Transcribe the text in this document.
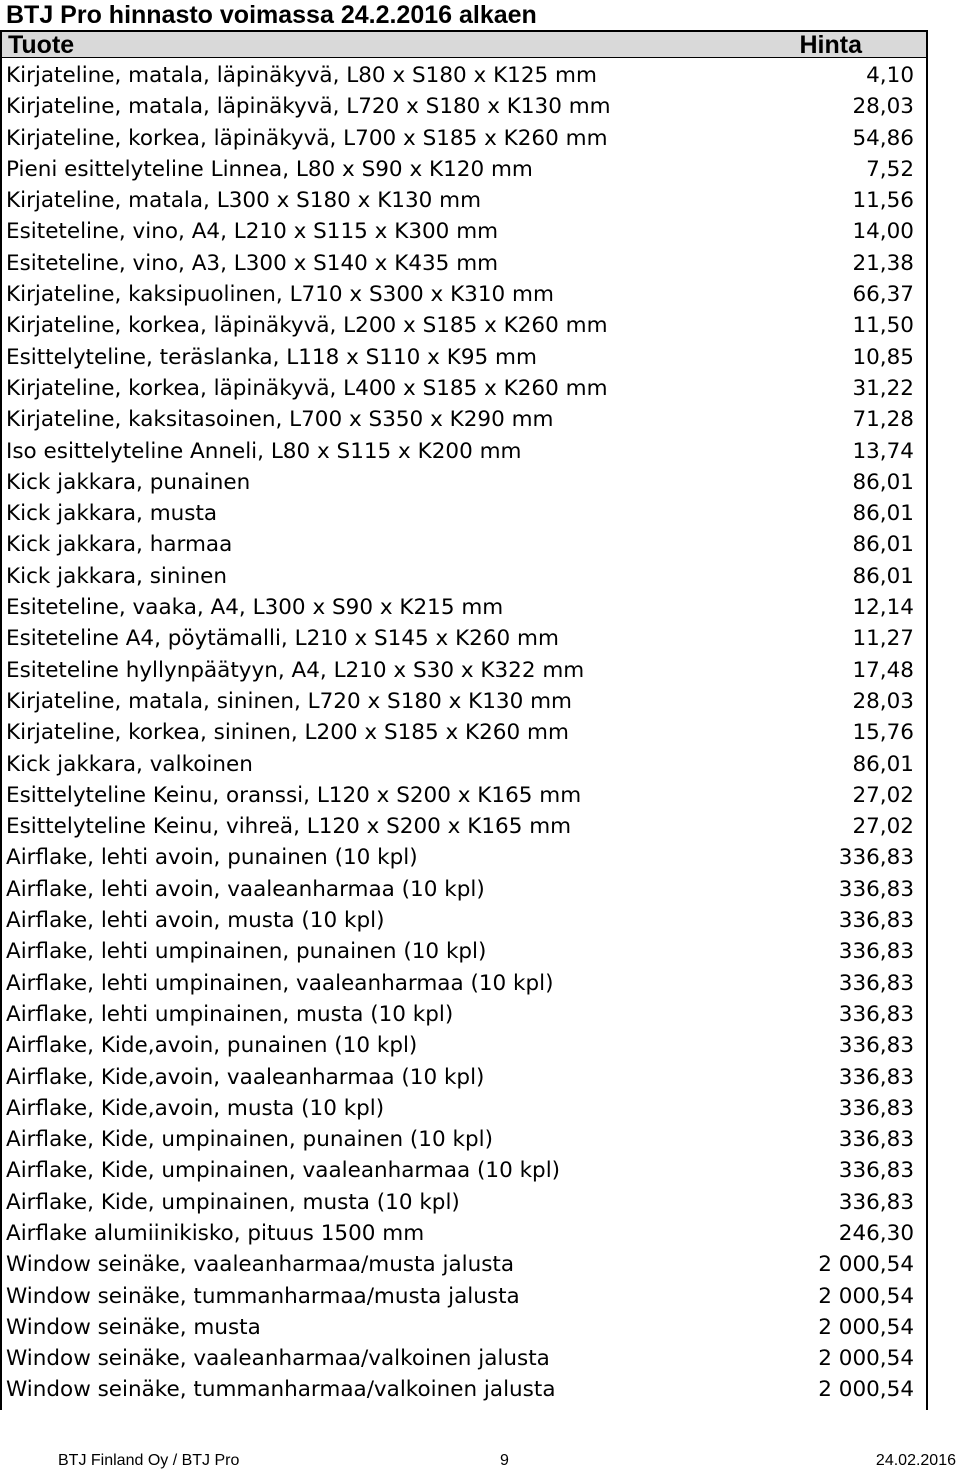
BTJ Pro hinnasto voimassa 24.2.2016 alkaen
Tuote	Hinta
Kirjateline, matala, läpinäkyvä, L80 x S180 x K125 mm	4,10
Kirjateline, matala, läpinäkyvä, L720 x S180 x K130 mm	28,03
Kirjateline, korkea, läpinäkyvä, L700 x S185 x K260 mm	54,86
Pieni esittelyteline Linnea, L80 x S90 x K120 mm	7,52
Kirjateline, matala, L300 x S180 x K130 mm	11,56
Esiteteline, vino, A4, L210 x S115 x K300 mm	14,00
Esiteteline, vino, A3, L300 x S140 x K435 mm	21,38
Kirjateline, kaksipuolinen, L710 x S300 x K310 mm	66,37
Kirjateline, korkea, läpinäkyvä, L200 x S185 x K260 mm	11,50
Esittelyteline, teräslanka, L118 x S110 x K95 mm	10,85
Kirjateline, korkea, läpinäkyvä, L400 x S185 x K260 mm	31,22
Kirjateline, kaksitasoinen, L700 x S350 x K290 mm	71,28
Iso esittelyteline Anneli, L80 x S115 x K200 mm	13,74
Kick jakkara, punainen	86,01
Kick jakkara, musta	86,01
Kick jakkara, harmaa	86,01
Kick jakkara, sininen	86,01
Esiteteline, vaaka, A4, L300 x S90 x K215 mm	12,14
Esiteteline A4, pöytämalli, L210 x S145 x K260 mm	11,27
Esiteteline hyllynpäätyyn, A4, L210 x S30 x K322 mm	17,48
Kirjateline, matala, sininen, L720 x S180 x K130 mm	28,03
Kirjateline, korkea, sininen, L200 x S185 x K260 mm	15,76
Kick jakkara, valkoinen	86,01
Esittelyteline Keinu, oranssi, L120 x S200 x K165 mm	27,02
Esittelyteline Keinu, vihreä, L120 x S200 x K165 mm	27,02
Airflake, lehti avoin, punainen (10 kpl)	336,83
Airflake, lehti avoin, vaaleanharmaa (10 kpl)	336,83
Airflake, lehti avoin, musta (10 kpl)	336,83
Airflake, lehti umpinainen, punainen (10 kpl)	336,83
Airflake, lehti umpinainen, vaaleanharmaa (10 kpl)	336,83
Airflake, lehti umpinainen, musta (10 kpl)	336,83
Airflake, Kide,avoin, punainen (10 kpl)	336,83
Airflake, Kide,avoin, vaaleanharmaa (10 kpl)	336,83
Airflake, Kide,avoin, musta (10 kpl)	336,83
Airflake, Kide, umpinainen, punainen (10 kpl)	336,83
Airflake, Kide, umpinainen, vaaleanharmaa (10 kpl)	336,83
Airflake, Kide, umpinainen, musta (10 kpl)	336,83
Airflake alumiinikisko, pituus 1500 mm	246,30
Window seinäke, vaaleanharmaa/musta jalusta	2 000,54
Window seinäke, tummanharmaa/musta jalusta	2 000,54
Window seinäke, musta	2 000,54
Window seinäke, vaaleanharmaa/valkoinen jalusta	2 000,54
Window seinäke, tummanharmaa/valkoinen jalusta	2 000,54
BTJ Finland Oy / BTJ Pro	9	24.02.2016
